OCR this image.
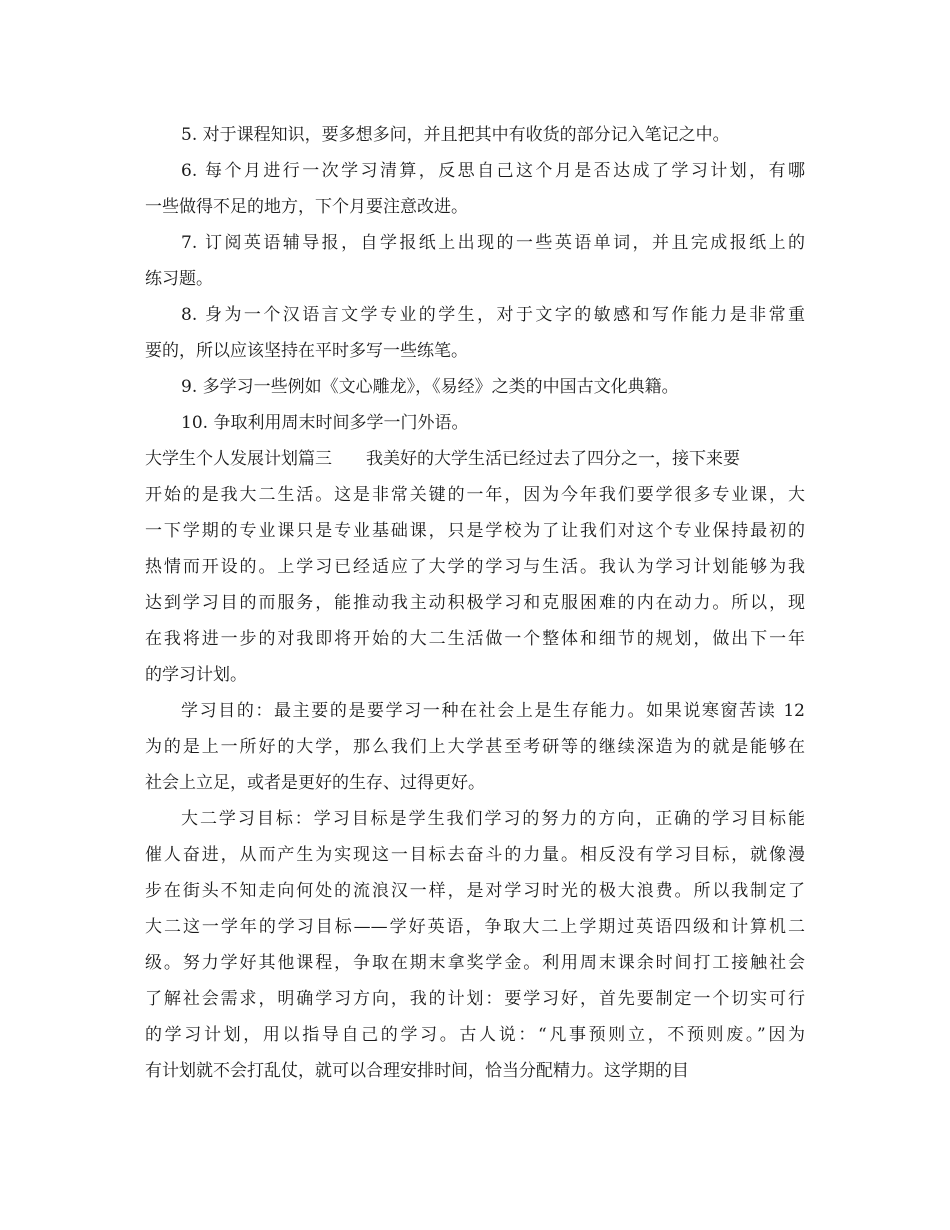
5. 对于课程知识，要多想多问，并且把其中有收货的部分记入笔记之中。
6. 每个月进行一次学习清算，反思自己这个月是否达成了学习计划，有哪
一些做得不足的地方，下个月要注意改进。
7. 订阅英语辅导报，自学报纸上出现的一些英语单词，并且完成报纸上的
练习题。
8. 身为一个汉语言文学专业的学生，对于文字的敏感和写作能力是非常重
要的，所以应该坚持在平时多写一些练笔。
9. 多学习一些例如《文心雕龙》，《易经》之类的中国古文化典籍。
10. 争取利用周末时间多学一门外语。
大学生个人发展计划篇三 我美好的大学生活已经过去了四分之一，接下来要
开始的是我大二生活。这是非常关键的一年，因为今年我们要学很多专业课，大
一下学期的专业课只是专业基础课，只是学校为了让我们对这个专业保持最初的
热情而开设的。上学习已经适应了大学的学习与生活。我认为学习计划能够为我
达到学习目的而服务，能推动我主动积极学习和克服困难的内在动力。所以，现
在我将进一步的对我即将开始的大二生活做一个整体和细节的规划，做出下一年
的学习计划。
学习目的：最主要的是要学习一种在社会上是生存能力。如果说寒窗苦读 12
为的是上一所好的大学，那么我们上大学甚至考研等的继续深造为的就是能够在
社会上立足，或者是更好的生存、过得更好。
大二学习目标：学习目标是学生我们学习的努力的方向，正确的学习目标能
催人奋进，从而产生为实现这一目标去奋斗的力量。相反没有学习目标，就像漫
步在街头不知走向何处的流浪汉一样，是对学习时光的极大浪费。所以我制定了
大二这一学年的学习目标——学好英语，争取大二上学期过英语四级和计算机二
级。努力学好其他课程，争取在期末拿奖学金。利用周末课余时间打工接触社会
了解社会需求，明确学习方向，我的计划：要学习好，首先要制定一个切实可行
的学习计划，用以指导自己的学习。古人说：“凡事预则立，不预则废。”因为
有计划就不会打乱仗，就可以合理安排时间，恰当分配精力。这学期的目
